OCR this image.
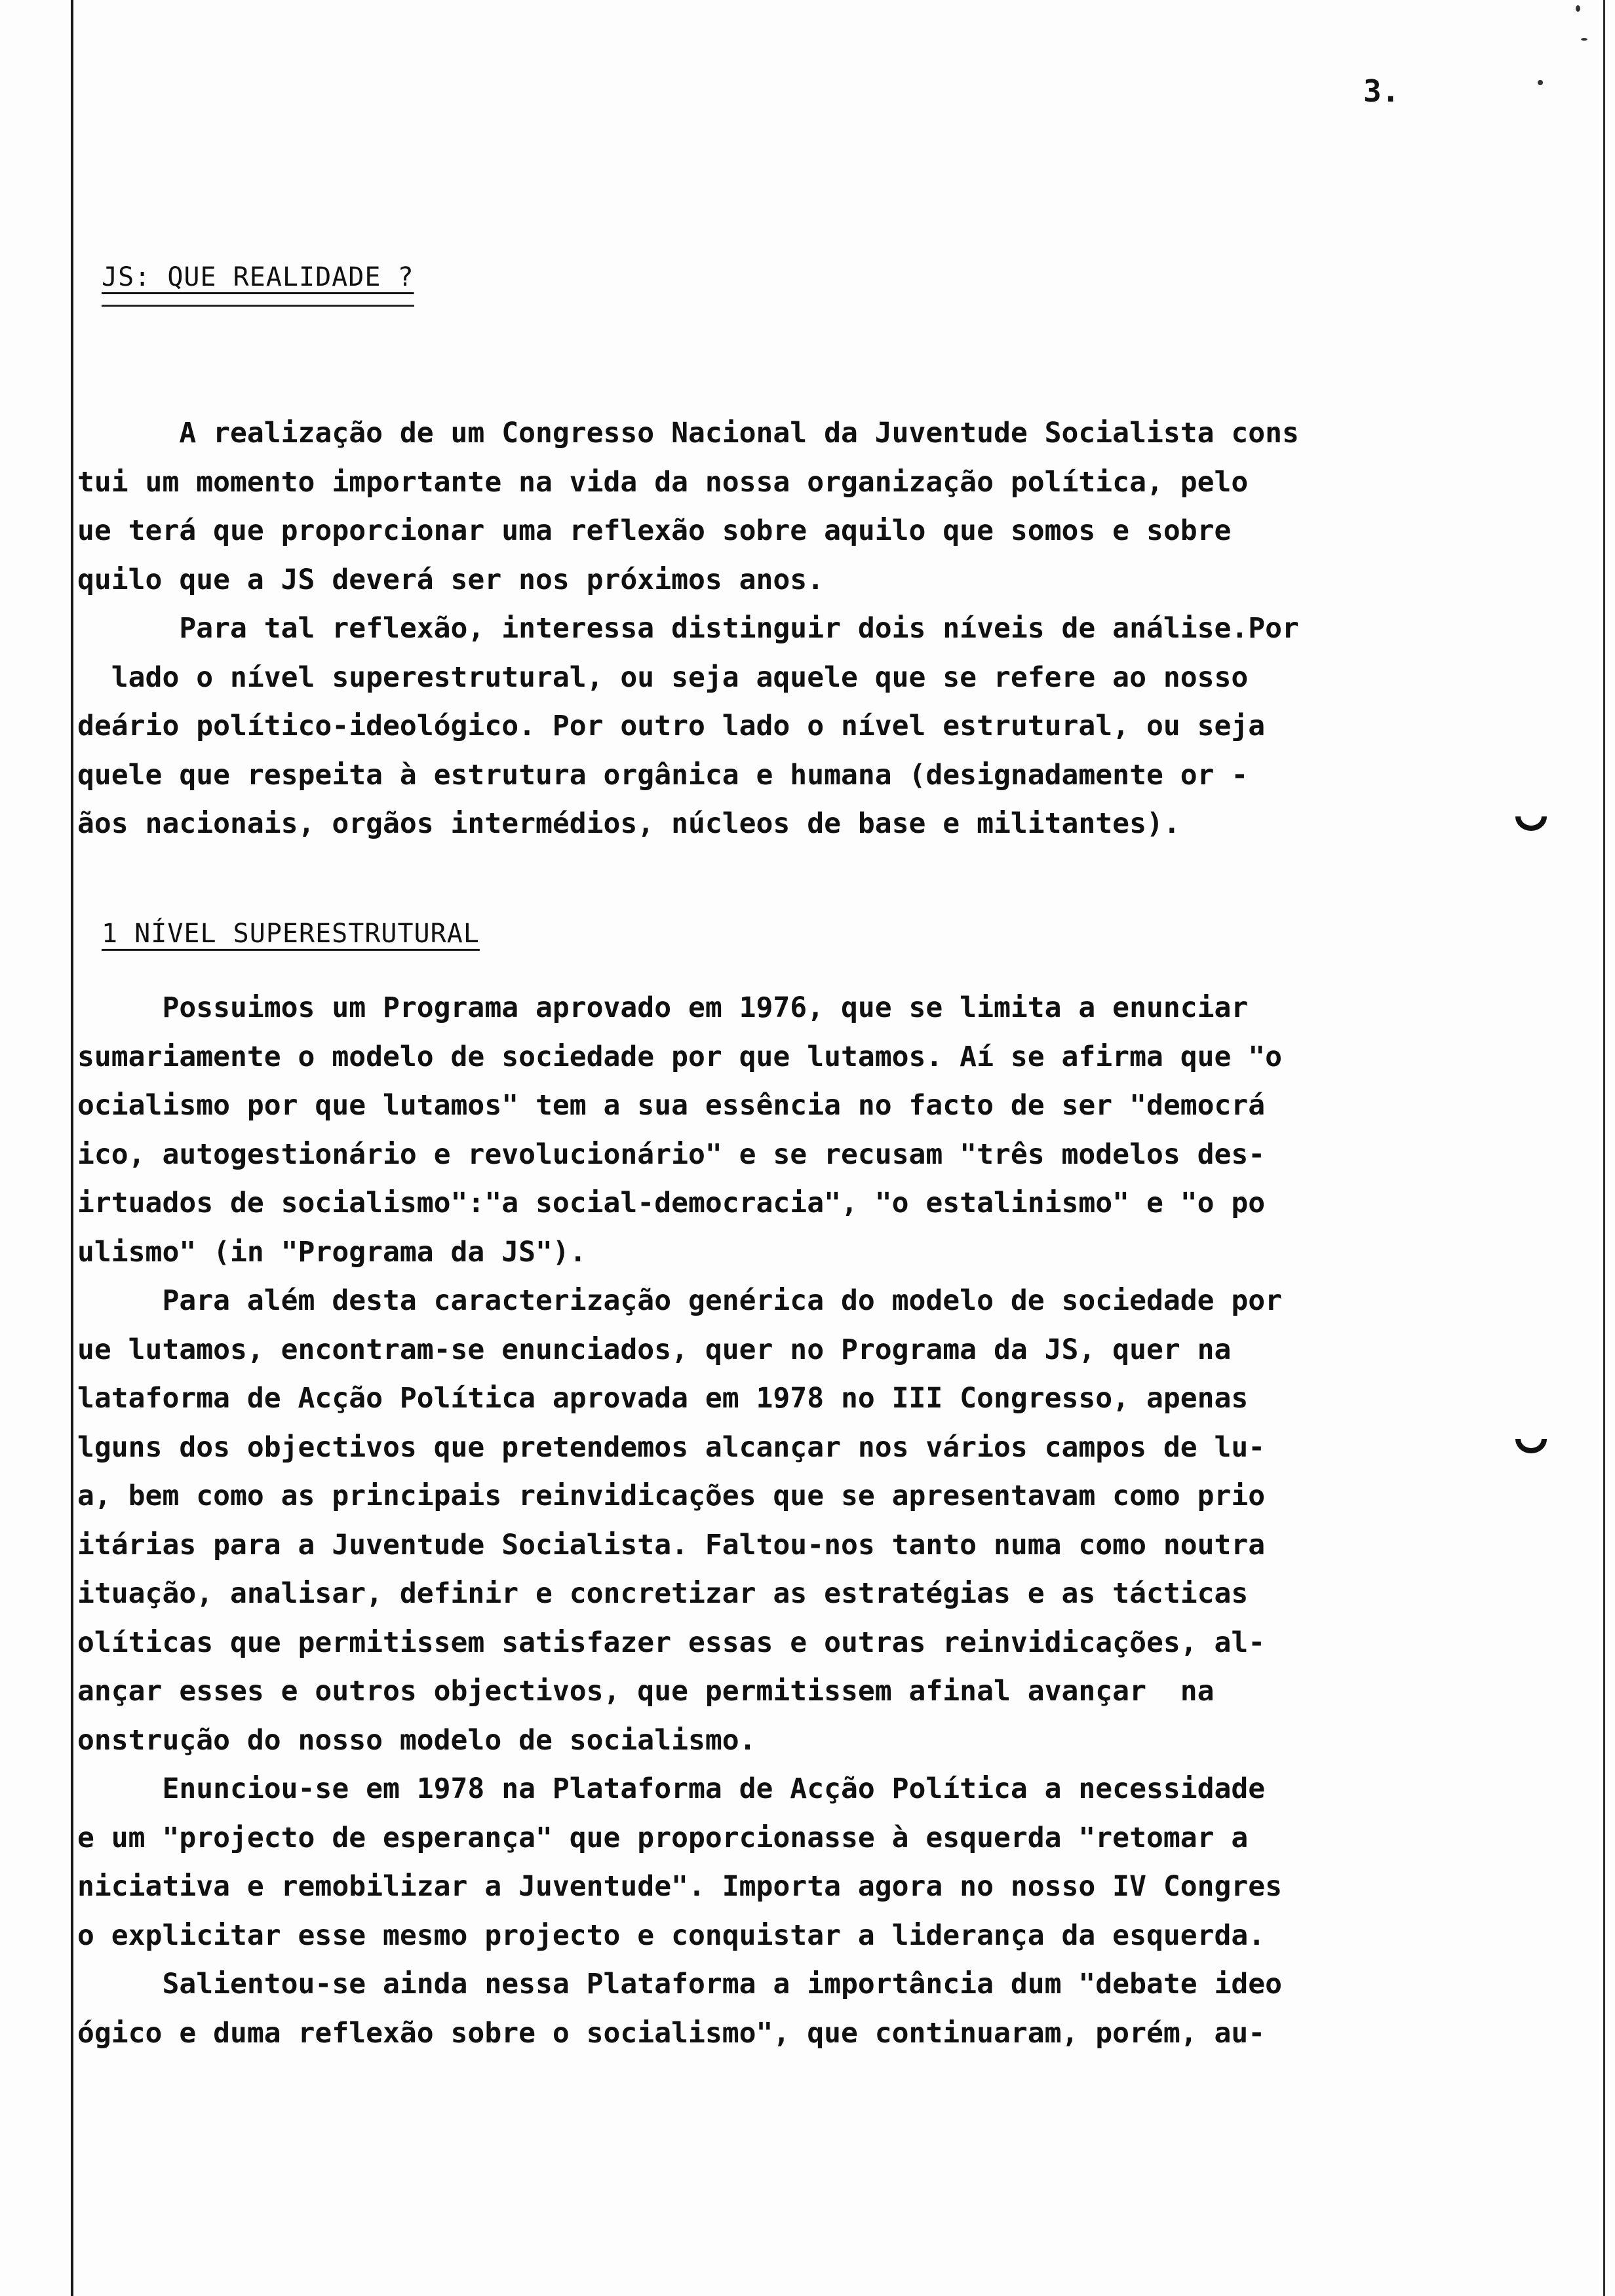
3.
JS: QUE REALIDADE ?
A realização de um Congresso Nacional da Juventude Socialista cons
tui um momento importante na vida da nossa organização política, pelo
ue terá que proporcionar uma reflexão sobre aquilo que somos e sobre
quilo que a JS deverá ser nos próximos anos.
Para tal reflexão, interessa distinguir dois níveis de análise.Por
lado o nível superestrutural, ou seja aquele que se refere ao nosso
deário político-ideológico. Por outro lado o nível estrutural, ou seja
quele que respeita à estrutura orgânica e humana (designadamente or -
ãos nacionais, orgãos intermédios, núcleos de base e militantes).
1 NÍVEL SUPERESTRUTURAL
Possuimos um Programa aprovado em 1976, que se limita a enunciar
sumariamente o modelo de sociedade por que lutamos. Aí se afirma que "o
ocialismo por que lutamos" tem a sua essência no facto de ser "democrá
ico, autogestionário e revolucionário" e se recusam "três modelos des-
irtuados de socialismo":"a social-democracia", "o estalinismo" e "o po
ulismo" (in "Programa da JS").
Para além desta caracterização genérica do modelo de sociedade por
ue lutamos, encontram-se enunciados, quer no Programa da JS, quer na
lataforma de Acção Política aprovada em 1978 no III Congresso, apenas
lguns dos objectivos que pretendemos alcançar nos vários campos de lu-
a, bem como as principais reinvidicações que se apresentavam como prio
itárias para a Juventude Socialista. Faltou-nos tanto numa como noutra
ituação, analisar, definir e concretizar as estratégias e as tácticas
olíticas que permitissem satisfazer essas e outras reinvidicações, al-
ançar esses e outros objectivos, que permitissem afinal avançar  na
onstrução do nosso modelo de socialismo.
Enunciou-se em 1978 na Plataforma de Acção Política a necessidade
e um "projecto de esperança" que proporcionasse à esquerda "retomar a
niciativa e remobilizar a Juventude". Importa agora no nosso IV Congres
o explicitar esse mesmo projecto e conquistar a liderança da esquerda.
Salientou-se ainda nessa Plataforma a importância dum "debate ideo
ógico e duma reflexão sobre o socialismo", que continuaram, porém, au-
